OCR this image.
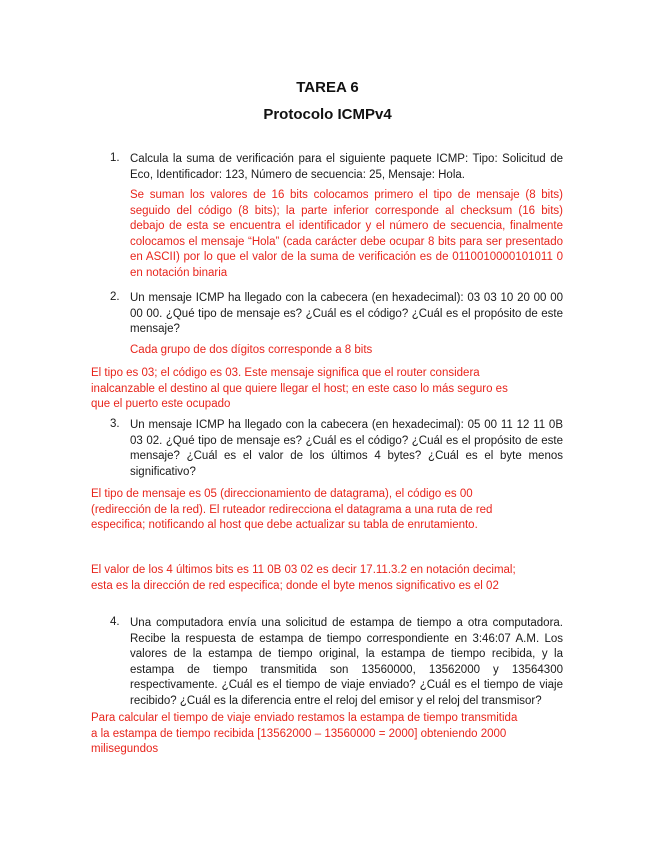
TAREA 6
Protocolo ICMPv4
1. Calcula la suma de verificación para el siguiente paquete ICMP: Tipo: Solicitud de Eco, Identificador: 123, Número de secuencia: 25, Mensaje: Hola.

Se suman los valores de 16 bits colocamos primero el tipo de mensaje (8 bits) seguido del código (8 bits); la parte inferior corresponde al checksum (16 bits) debajo de esta se encuentra el identificador y el número de secuencia, finalmente colocamos el mensaje “Hola” (cada carácter debe ocupar 8 bits para ser presentado en ASCII) por lo que el valor de la suma de verificación es de 0110010000101011 0 en notación binaria

2. Un mensaje ICMP ha llegado con la cabecera (en hexadecimal): 03 03 10 20 00 00 00 00. ¿Qué tipo de mensaje es? ¿Cuál es el código? ¿Cuál es el propósito de este mensaje?

Cada grupo de dos dígitos corresponde a 8 bits

El tipo es 03; el código es 03. Este mensaje significa que el router considera inalcanzable el destino al que quiere llegar el host; en este caso lo más seguro es que el puerto este ocupado

3. Un mensaje ICMP ha llegado con la cabecera (en hexadecimal): 05 00 11 12 11 0B 03 02. ¿Qué tipo de mensaje es? ¿Cuál es el código? ¿Cuál es el propósito de este mensaje? ¿Cuál es el valor de los últimos 4 bytes? ¿Cuál es el byte menos significativo?

El tipo de mensaje es 05 (direccionamiento de datagrama), el código es 00 (redirección de la red). El ruteador redirecciona el datagrama a una ruta de red especifica; notificando al host que debe actualizar su tabla de enrutamiento.

El valor de los 4 últimos bits es 11 0B 03 02 es decir 17.11.3.2 en notación decimal; esta es la dirección de red especifica; donde el byte menos significativo es el 02

4. Una computadora envía una solicitud de estampa de tiempo a otra computadora. Recibe la respuesta de estampa de tiempo correspondiente en 3:46:07 A.M. Los valores de la estampa de tiempo original, la estampa de tiempo recibida, y la estampa de tiempo transmitida son 13560000, 13562000 y 13564300 respectivamente. ¿Cuál es el tiempo de viaje enviado? ¿Cuál es el tiempo de viaje recibido? ¿Cuál es la diferencia entre el reloj del emisor y el reloj del transmisor?

Para calcular el tiempo de viaje enviado restamos la estampa de tiempo transmitida a la estampa de tiempo recibida [13562000 – 13560000 = 2000] obteniendo 2000 milisegundos
